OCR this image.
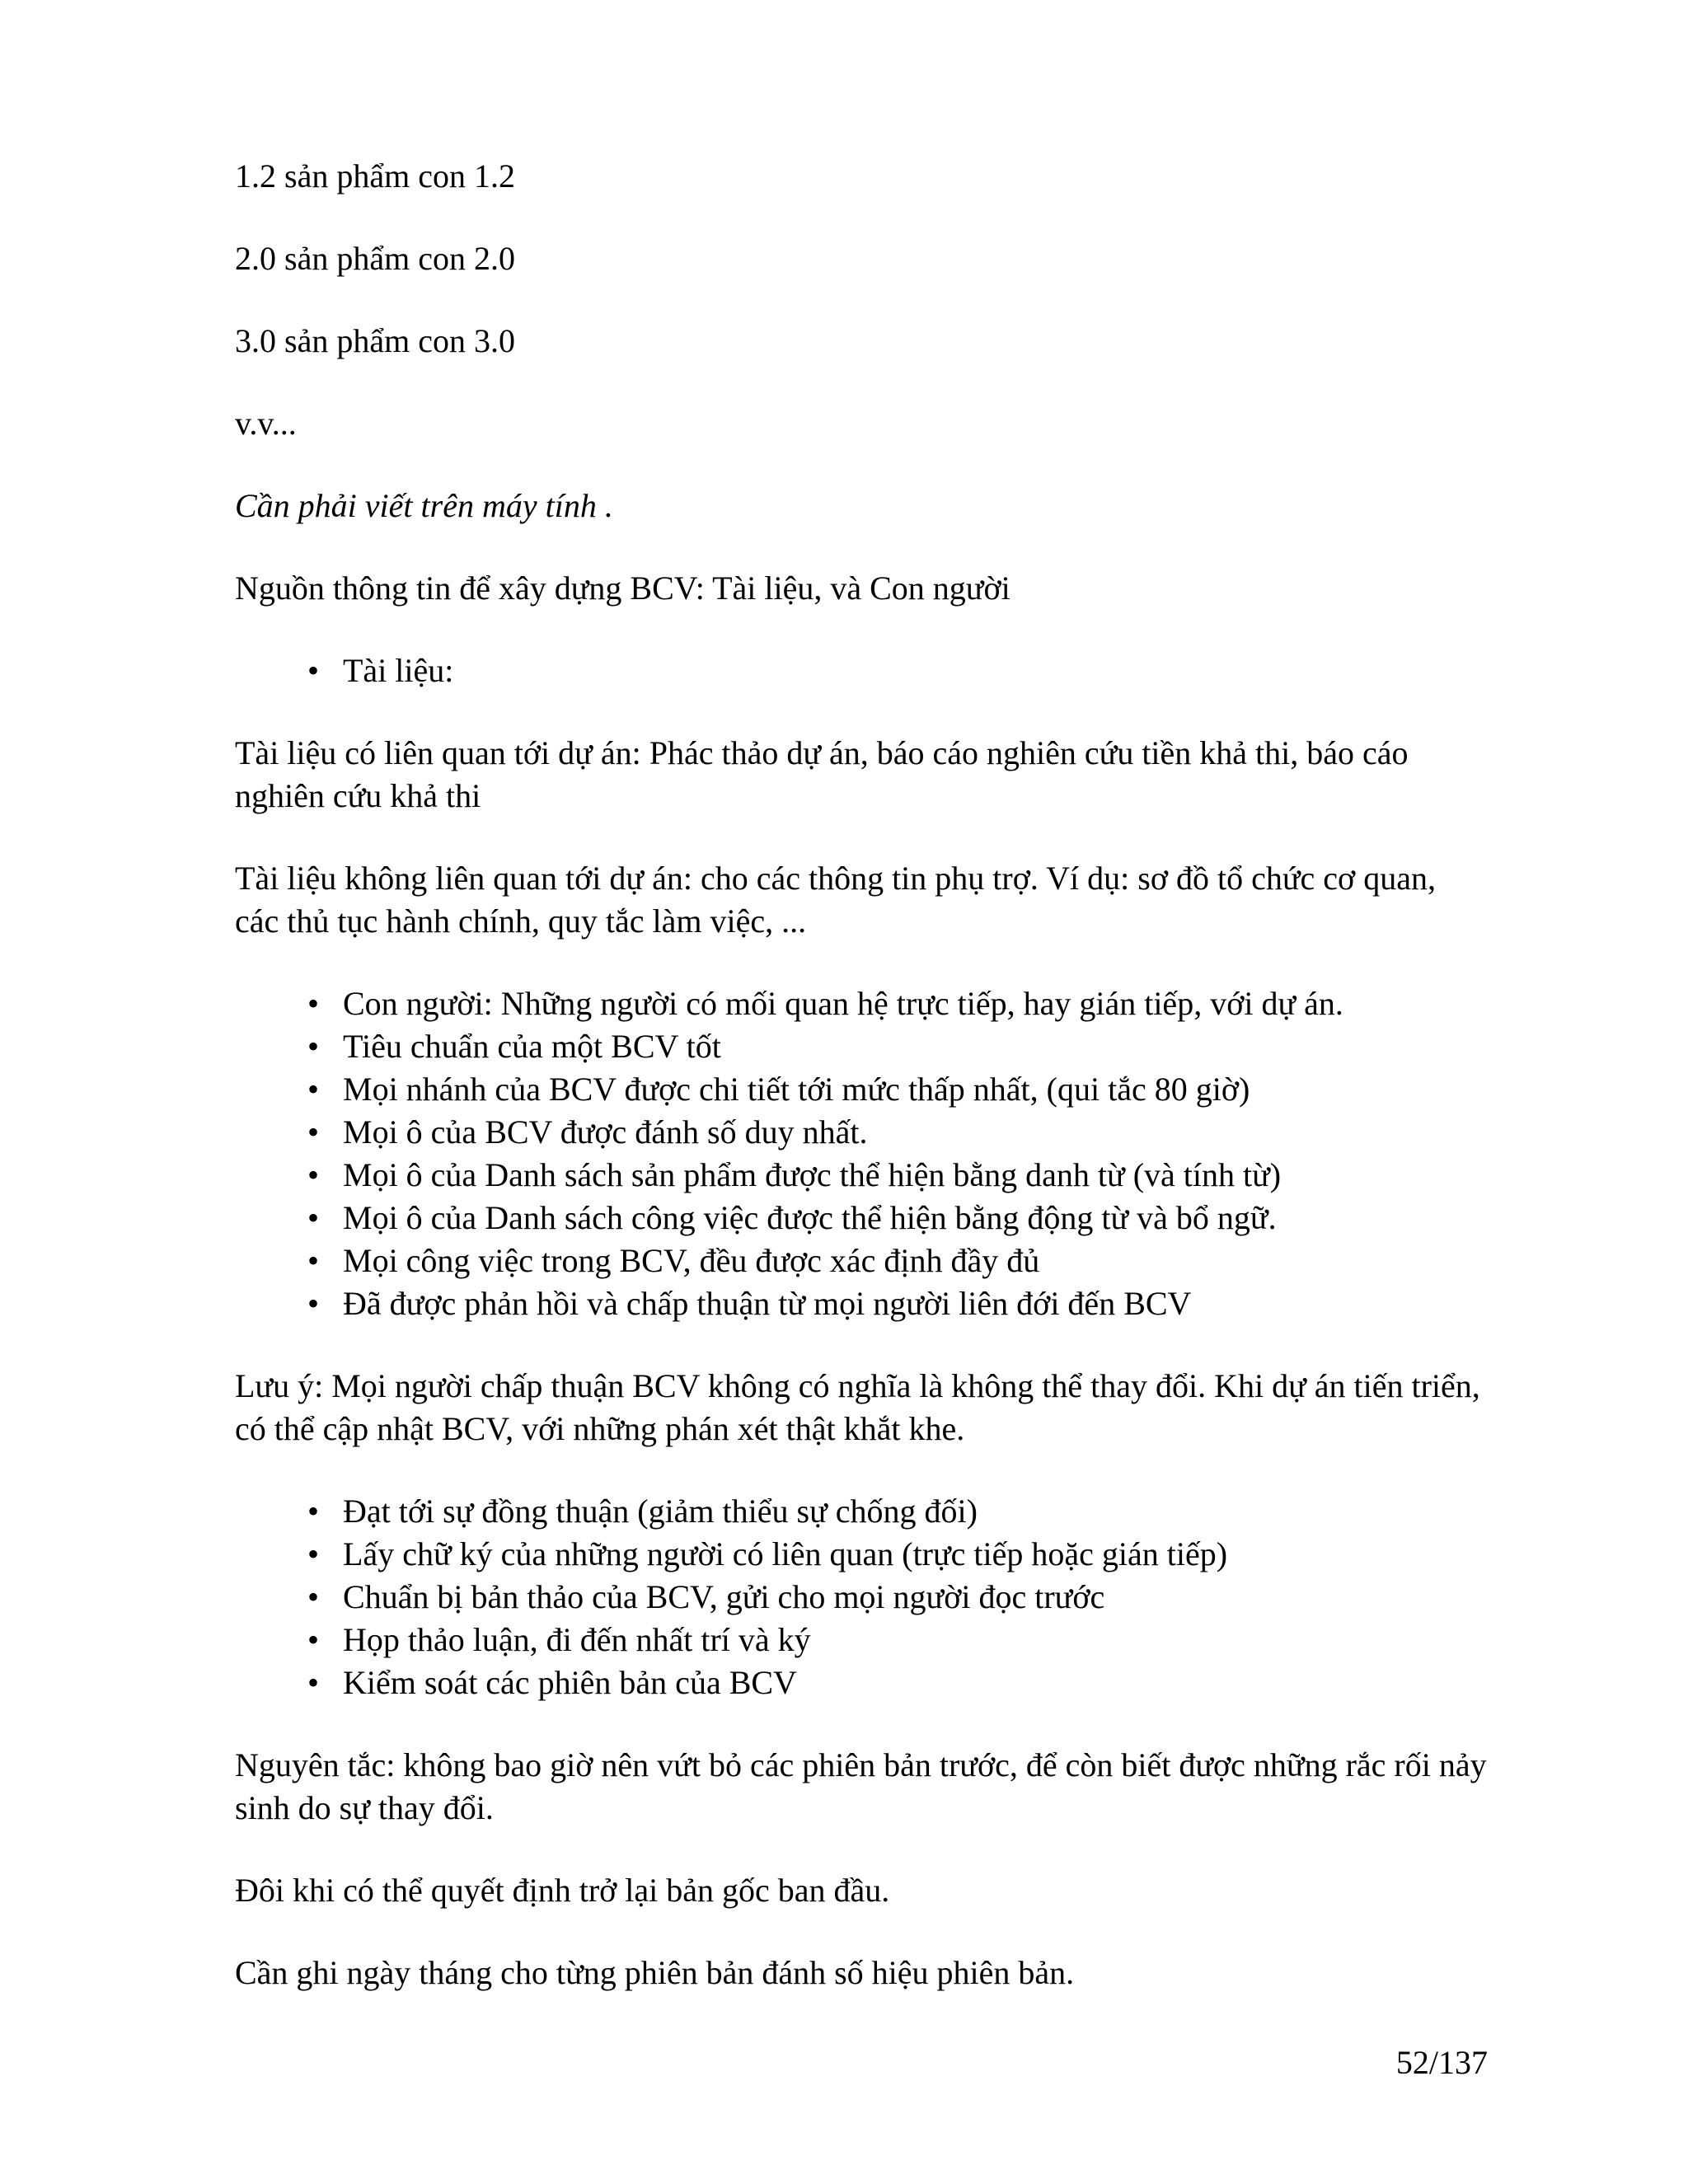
1.2 sản phẩm con 1.2

2.0 sản phẩm con 2.0

3.0 sản phẩm con 3.0

v.v...

Cần phải viết trên máy tính .

Nguồn thông tin để xây dựng BCV: Tài liệu, và Con người

• Tài liệu:

Tài liệu có liên quan tới dự án: Phác thảo dự án, báo cáo nghiên cứu tiền khả thi, báo cáo nghiên cứu khả thi

Tài liệu không liên quan tới dự án: cho các thông tin phụ trợ. Ví dụ: sơ đồ tổ chức cơ quan, các thủ tục hành chính, quy tắc làm việc, ...

• Con người: Những người có mối quan hệ trực tiếp, hay gián tiếp, với dự án.
• Tiêu chuẩn của một BCV tốt
• Mọi nhánh của BCV được chi tiết tới mức thấp nhất, (qui tắc 80 giờ)
• Mọi ô của BCV được đánh số duy nhất.
• Mọi ô của Danh sách sản phẩm được thể hiện bằng danh từ (và tính từ)
• Mọi ô của Danh sách công việc được thể hiện bằng động từ và bổ ngữ.
• Mọi công việc trong BCV, đều được xác định đầy đủ
• Đã được phản hồi và chấp thuận từ mọi người liên đới đến BCV

Lưu ý: Mọi người chấp thuận BCV không có nghĩa là không thể thay đổi. Khi dự án tiến triển, có thể cập nhật BCV, với những phán xét thật khắt khe.

• Đạt tới sự đồng thuận (giảm thiểu sự chống đối)
• Lấy chữ ký của những người có liên quan (trực tiếp hoặc gián tiếp)
• Chuẩn bị bản thảo của BCV, gửi cho mọi người đọc trước
• Họp thảo luận, đi đến nhất trí và ký
• Kiểm soát các phiên bản của BCV

Nguyên tắc: không bao giờ nên vứt bỏ các phiên bản trước, để còn biết được những rắc rối nảy sinh do sự thay đổi.

Đôi khi có thể quyết định trở lại bản gốc ban đầu.

Cần ghi ngày tháng cho từng phiên bản đánh số hiệu phiên bản.

52/137
